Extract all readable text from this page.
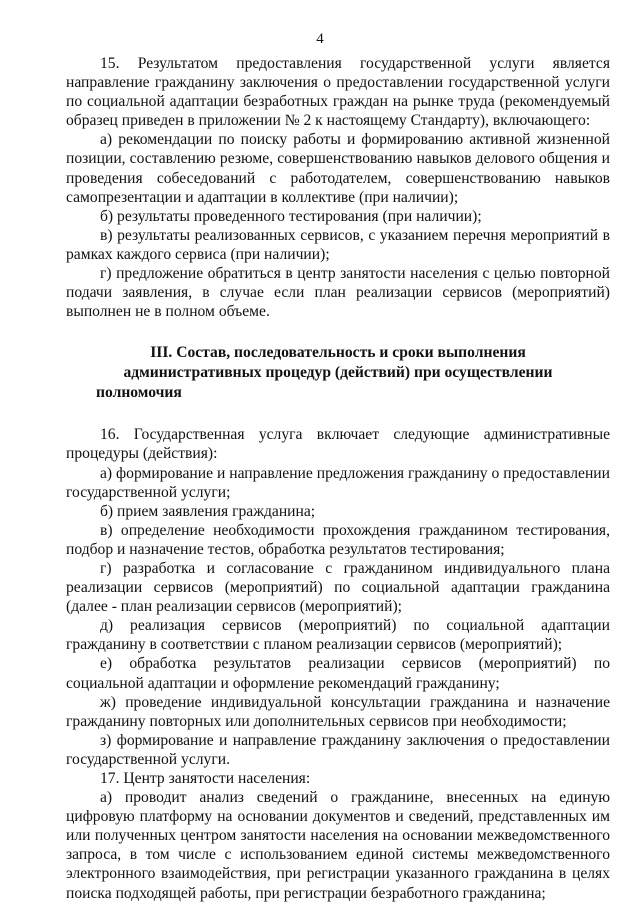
4

15. Результатом предоставления государственной услуги является направление гражданину заключения о предоставлении государственной услуги по социальной адаптации безработных граждан на рынке труда (рекомендуемый образец приведен в приложении № 2 к настоящему Стандарту), включающего:

а) рекомендации по поиску работы и формированию активной жизненной позиции, составлению резюме, совершенствованию навыков делового общения и проведения собеседований с работодателем, совершенствованию навыков самопрезентации и адаптации в коллективе (при наличии);

б) результаты проведенного тестирования (при наличии);

в) результаты реализованных сервисов, с указанием перечня мероприятий в рамках каждого сервиса (при наличии);

г) предложение обратиться в центр занятости населения с целью повторной подачи заявления, в случае если план реализации сервисов (мероприятий) выполнен не в полном объеме.

III. Состав, последовательность и сроки выполнения административных процедур (действий) при осуществлении полномочия

16. Государственная услуга включает следующие административные процедуры (действия):

а) формирование и направление предложения гражданину о предоставлении государственной услуги;

б) прием заявления гражданина;

в) определение необходимости прохождения гражданином тестирования, подбор и назначение тестов, обработка результатов тестирования;

г) разработка и согласование с гражданином индивидуального плана реализации сервисов (мероприятий) по социальной адаптации гражданина (далее - план реализации сервисов (мероприятий);

д) реализация сервисов (мероприятий) по социальной адаптации гражданину в соответствии с планом реализации сервисов (мероприятий);

е) обработка результатов реализации сервисов (мероприятий) по социальной адаптации и оформление рекомендаций гражданину;

ж) проведение индивидуальной консультации гражданина и назначение гражданину повторных или дополнительных сервисов при необходимости;

з) формирование и направление гражданину заключения о предоставлении государственной услуги.

17. Центр занятости населения:

а) проводит анализ сведений о гражданине, внесенных на единую цифровую платформу на основании документов и сведений, представленных им или полученных центром занятости населения на основании межведомственного запроса, в том числе с использованием единой системы межведомственного электронного взаимодействия, при регистрации указанного гражданина в целях поиска подходящей работы, при регистрации безработного гражданина;
